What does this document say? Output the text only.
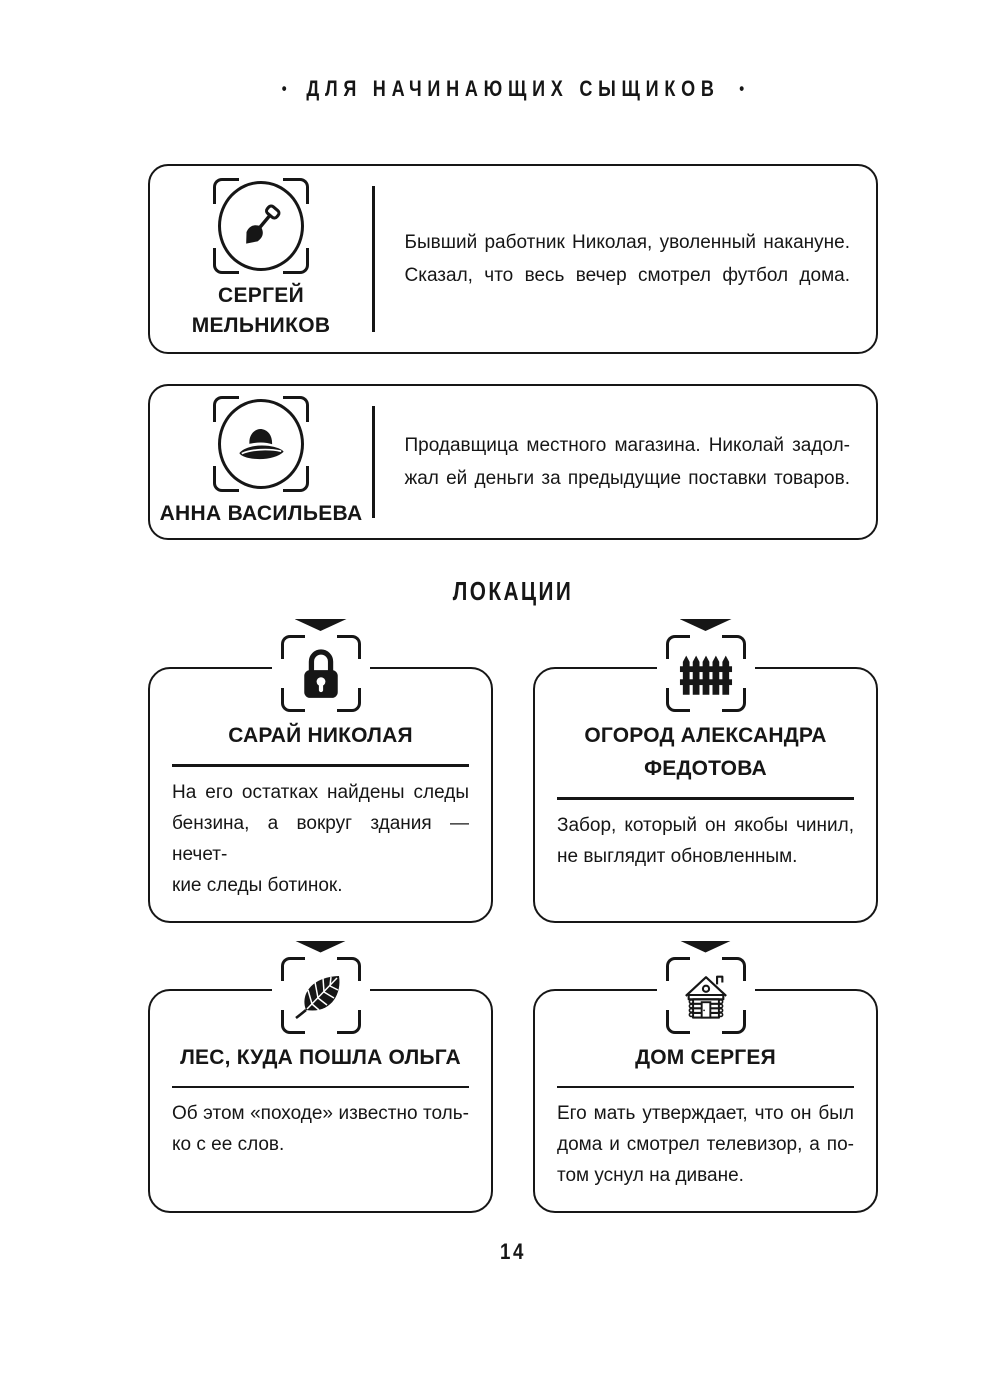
• ДЛЯ НАЧИНАЮЩИХ СЫЩИКОВ •
СЕРГЕЙ МЕЛЬНИКОВ
Бывший работник Николая, уволенный накануне.
Сказал, что весь вечер смотрел футбол дома.
АННА ВАСИЛЬЕВА
Продавщица местного магазина. Николай задол-
жал ей деньги за предыдущие поставки товаров.
ЛОКАЦИИ
САРАЙ НИКОЛАЯ
На его остатках найдены следы
бензина, а вокруг здания — нечет-
кие следы ботинок.
ОГОРОД АЛЕКСАНДРА ФЕДОТОВА
Забор, который он якобы чинил,
не выглядит обновленным.
ЛЕС, КУДА ПОШЛА ОЛЬГА
Об этом «походе» известно толь-
ко с ее слов.
ДОМ СЕРГЕЯ
Его мать утверждает, что он был
дома и смотрел телевизор, а по-
том уснул на диване.
14
